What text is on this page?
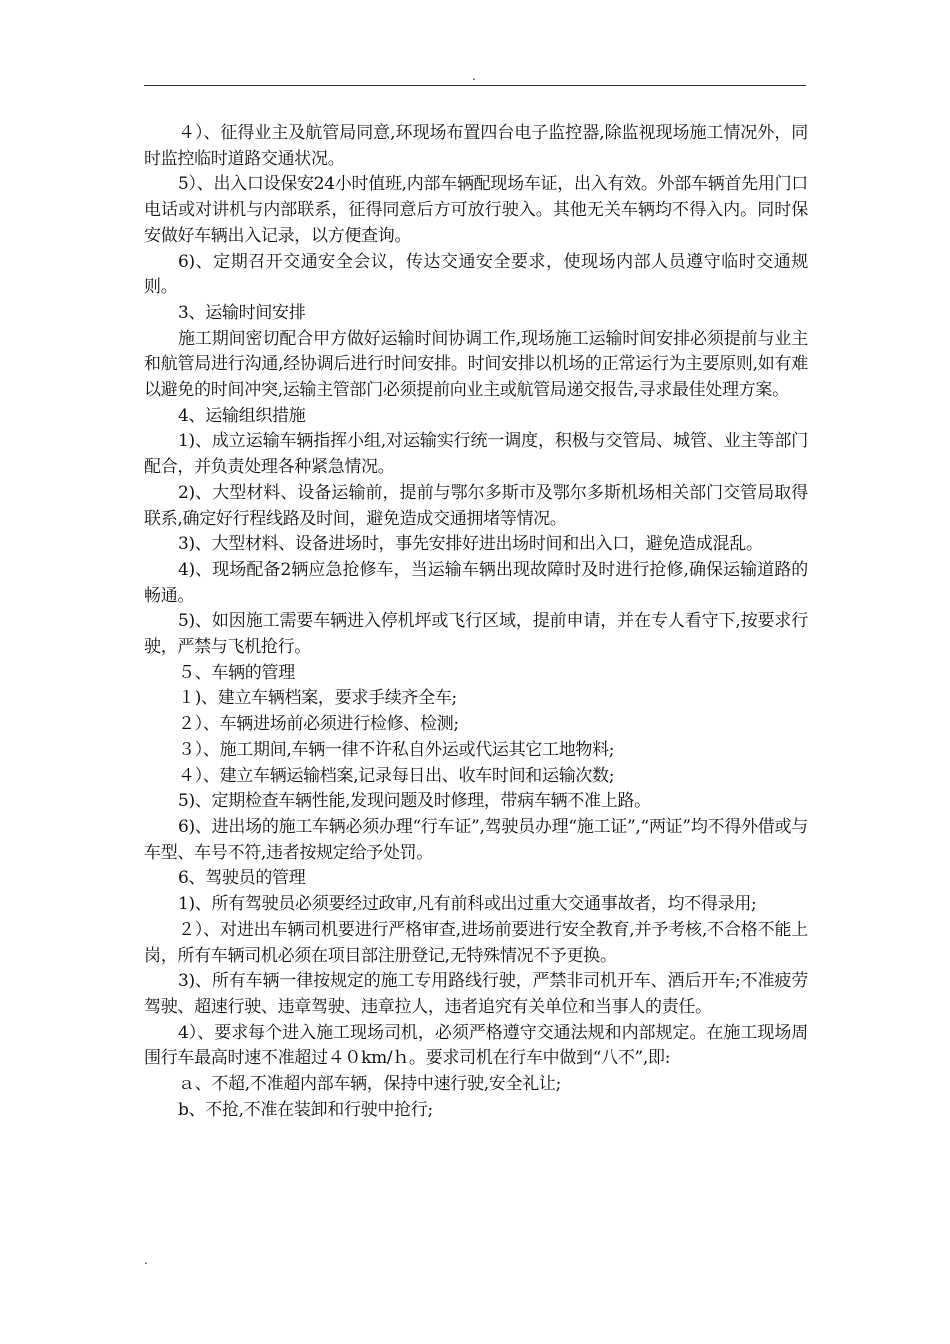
.

４）、征得业主及航管局同意,环现场布置四台电子监控器,除监视现场施工情况外，同时监控临时道路交通状况。

5）、出入口设保安24小时值班,内部车辆配现场车证，出入有效。外部车辆首先用门口电话或对讲机与内部联系，征得同意后方可放行驶入。其他无关车辆均不得入内。同时保安做好车辆出入记录，以方便查询。

6)、定期召开交通安全会议，传达交通安全要求，使现场内部人员遵守临时交通规则。

3、运输时间安排

施工期间密切配合甲方做好运输时间协调工作,现场施工运输时间安排必须提前与业主和航管局进行沟通,经协调后进行时间安排。时间安排以机场的正常运行为主要原则,如有难以避免的时间冲突,运输主管部门必须提前向业主或航管局递交报告,寻求最佳处理方案。

4、运输组织措施

1)、成立运输车辆指挥小组,对运输实行统一调度，积极与交管局、城管、业主等部门配合，并负责处理各种紧急情况。

2)、大型材料、设备运输前，提前与鄂尔多斯市及鄂尔多斯机场相关部门交管局取得联系,确定好行程线路及时间，避免造成交通拥堵等情况。

3)、大型材料、设备进场时，事先安排好进出场时间和出入口，避免造成混乱。

4)、现场配备2辆应急抢修车，当运输车辆出现故障时及时进行抢修,确保运输道路的畅通。

5)、如因施工需要车辆进入停机坪或飞行区域，提前申请，并在专人看守下,按要求行驶，严禁与飞机抢行。

５、车辆的管理

１)、建立车辆档案，要求手续齐全车;

２）、车辆进场前必须进行检修、检测;

３）、施工期间,车辆一律不许私自外运或代运其它工地物料;

４）、建立车辆运输档案,记录每日出、收车时间和运输次数;

5)、定期检查车辆性能,发现问题及时修理，带病车辆不准上路。

6)、进出场的施工车辆必须办理“行车证”,驾驶员办理“施工证”,“两证”均不得外借或与车型、车号不符,违者按规定给予处罚。

6、驾驶员的管理

1)、所有驾驶员必须要经过政审,凡有前科或出过重大交通事故者，均不得录用;

２）、对进出车辆司机要进行严格审查,进场前要进行安全教育,并予考核,不合格不能上岗，所有车辆司机必须在项目部注册登记,无特殊情况不予更换。

3)、所有车辆一律按规定的施工专用路线行驶，严禁非司机开车、酒后开车;不准疲劳驾驶、超速行驶、违章驾驶、违章拉人，违者追究有关单位和当事人的责任。

4）、要求每个进入施工现场司机，必须严格遵守交通法规和内部规定。在施工现场周围行车最高时速不准超过４０km/ｈ。要求司机在行车中做到“八不”,即:

ａ、不超,不准超内部车辆，保持中速行驶,安全礼让;

b、不抢,不准在装卸和行驶中抢行;

.
